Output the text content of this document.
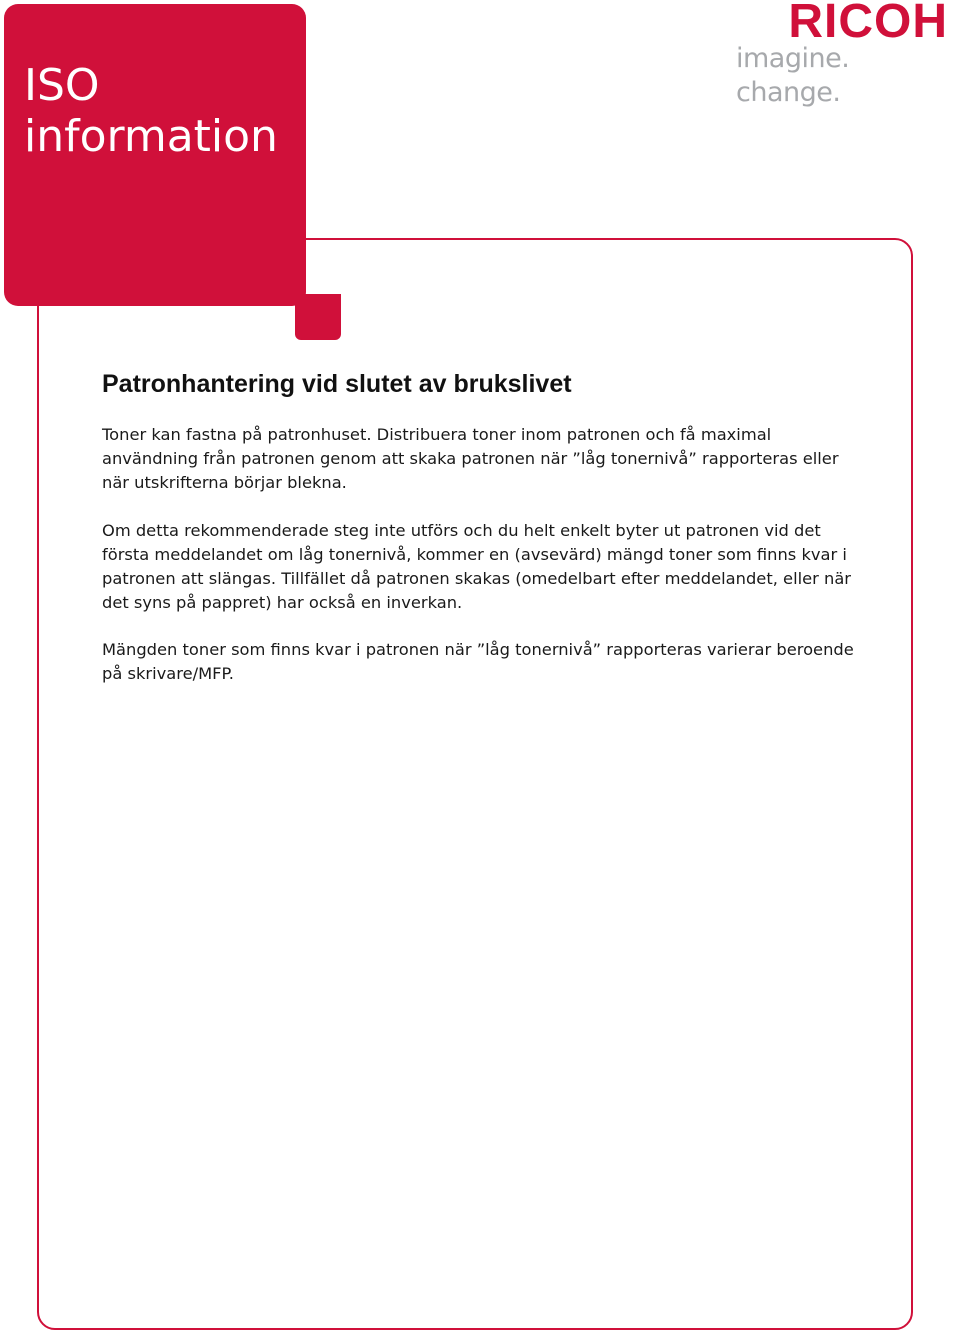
ISO
information
RICOH
imagine. change.
Patronhantering vid slutet av brukslivet

Toner kan fastna på patronhuset. Distribuera toner inom patronen och få maximal användning från patronen genom att skaka patronen när ”låg tonernivå” rapporteras eller när utskrifterna börjar blekna.

Om detta rekommenderade steg inte utförs och du helt enkelt byter ut patronen vid det första meddelandet om låg tonernivå, kommer en (avsevärd) mängd toner som finns kvar i patronen att slängas. Tillfället då patronen skakas (omedelbart efter meddelandet, eller när det syns på pappret) har också en inverkan.

Mängden toner som finns kvar i patronen när ”låg tonernivå” rapporteras varierar beroende på skrivare/MFP.
